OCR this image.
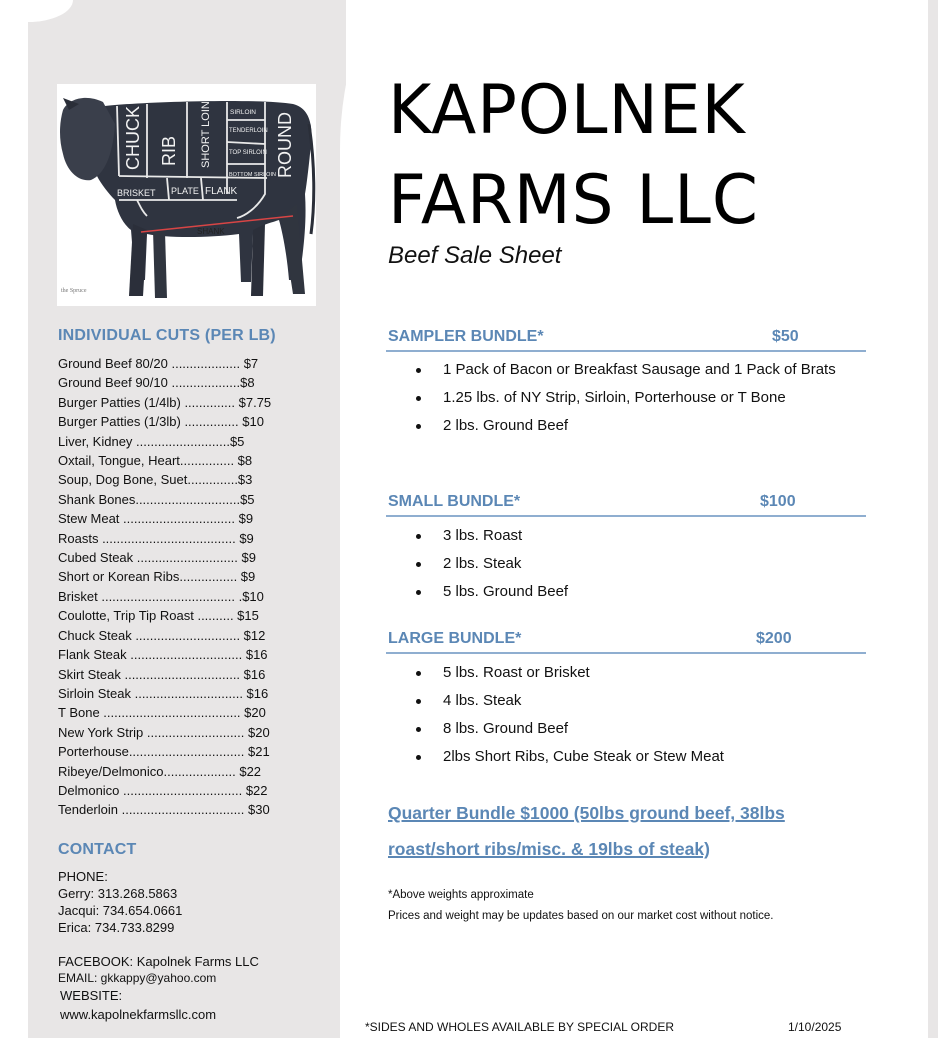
CHUCK RIB SHORT LOIN	SIRLOIN
TENDERLOIN
TOP SIRLOIN
BOTTOM SIRLOIN ROUND
BRISKET PLATE FLANK
SHANK
the Spruce
INDIVIDUAL CUTS (PER LB)
Ground Beef 80/20 ................... $7
Ground Beef 90/10 ...................$8
Burger Patties (1/4lb) .............. $7.75
Burger Patties (1/3lb) ............... $10
Liver, Kidney ..........................$5
Oxtail, Tongue, Heart............... $8
Soup, Dog Bone, Suet..............$3
Shank Bones.............................$5
Stew Meat ............................... $9
Roasts ..................................... $9
Cubed Steak ............................ $9
Short or Korean Ribs................ $9
Brisket ..................................... .$10
Coulotte, Trip Tip Roast .......... $15
Chuck Steak ............................. $12
Flank Steak ............................... $16
Skirt Steak ................................ $16
Sirloin Steak .............................. $16
T Bone ...................................... $20
New York Strip ........................... $20
Porterhouse................................ $21
Ribeye/Delmonico.................... $22
Delmonico ................................. $22
Tenderloin .................................. $30
CONTACT
PHONE:
Gerry: 313.268.5863
Jacqui: 734.654.0661
Erica: 734.733.8299
FACEBOOK: Kapolnek Farms LLC
EMAIL: gkkappy@yahoo.com
WEBSITE:
www.kapolnekfarmsllc.com
KAPOLNEK
FARMS LLC
Beef Sale Sheet
SAMPLER BUNDLE*	$50
1 Pack of Bacon or Breakfast Sausage and 1 Pack of Brats
1.25 lbs. of NY Strip, Sirloin, Porterhouse or T Bone
2 lbs. Ground Beef
SMALL BUNDLE*	$100
3 lbs. Roast
2 lbs. Steak
5 lbs. Ground Beef
LARGE BUNDLE*	$200
5 lbs. Roast or Brisket
4 lbs. Steak
8 lbs. Ground Beef
2lbs Short Ribs, Cube Steak or Stew Meat
Quarter Bundle $1000 (50lbs ground beef, 38lbs roast/short ribs/misc. & 19lbs of steak)
*Above weights approximate
Prices and weight may be updates based on our market cost without notice.
*SIDES AND WHOLES AVAILABLE BY SPECIAL ORDER	1/10/2025
